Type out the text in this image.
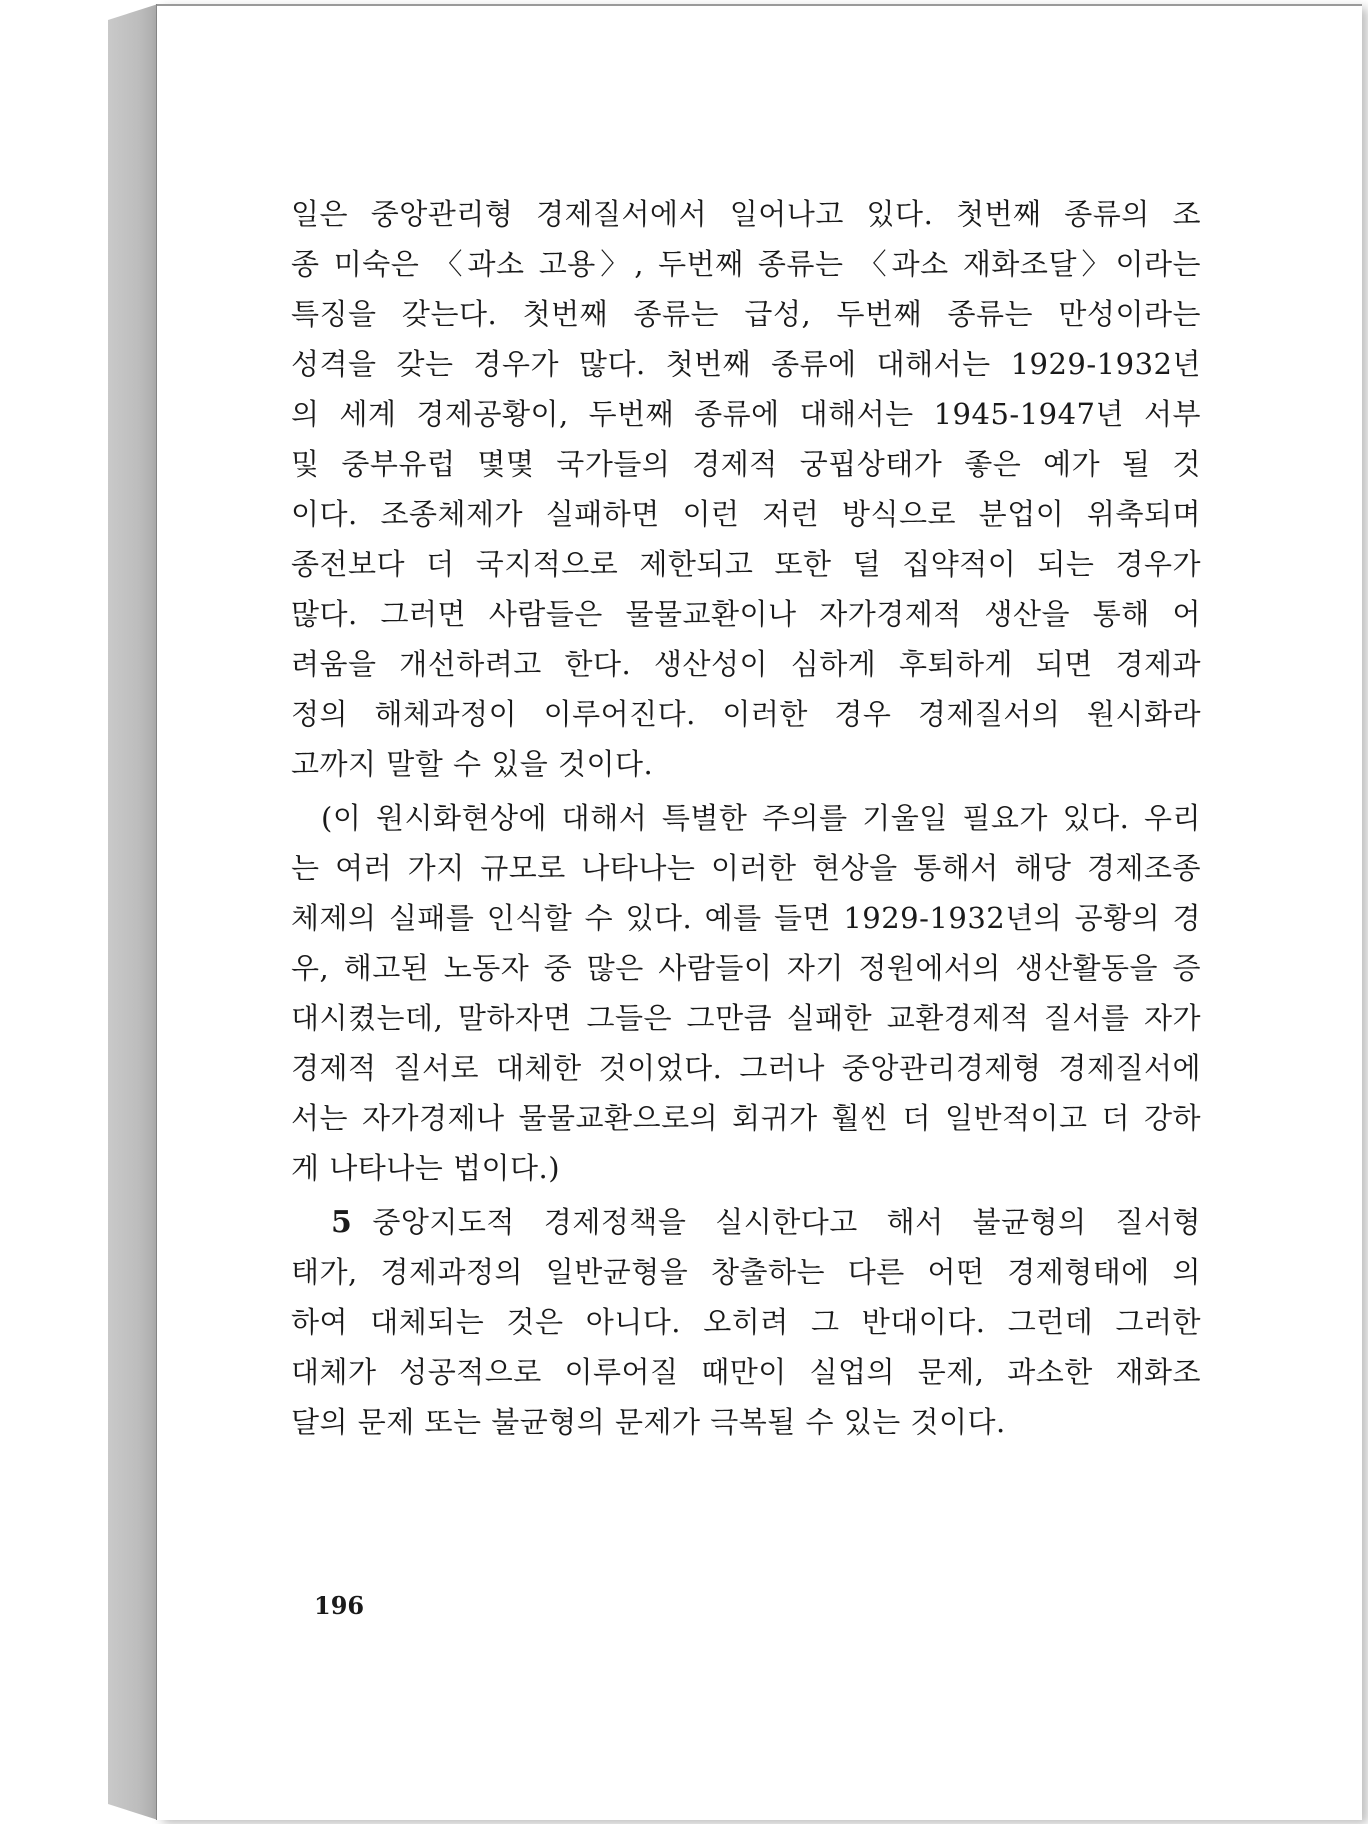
일은 중앙관리형 경제질서에서 일어나고 있다. 첫번째 종류의 조
종 미숙은 〈과소 고용〉, 두번째 종류는 〈과소 재화조달〉이라는
특징을 갖는다. 첫번째 종류는 급성, 두번째 종류는 만성이라는
성격을 갖는 경우가 많다. 첫번째 종류에 대해서는 1929-1932년
의 세계 경제공황이, 두번째 종류에 대해서는 1945-1947년 서부
및 중부유럽 몇몇 국가들의 경제적 궁핍상태가 좋은 예가 될 것
이다. 조종체제가 실패하면 이런 저런 방식으로 분업이 위축되며
종전보다 더 국지적으로 제한되고 또한 덜 집약적이 되는 경우가
많다. 그러면 사람들은 물물교환이나 자가경제적 생산을 통해 어
려움을 개선하려고 한다. 생산성이 심하게 후퇴하게 되면 경제과
정의 해체과정이 이루어진다. 이러한 경우 경제질서의 원시화라
고까지 말할 수 있을 것이다.
(이 원시화현상에 대해서 특별한 주의를 기울일 필요가 있다. 우리
는 여러 가지 규모로 나타나는 이러한 현상을 통해서 해당 경제조종
체제의 실패를 인식할 수 있다. 예를 들면 1929-1932년의 공황의 경
우, 해고된 노동자 중 많은 사람들이 자기 정원에서의 생산활동을 증
대시켰는데, 말하자면 그들은 그만큼 실패한 교환경제적 질서를 자가
경제적 질서로 대체한 것이었다. 그러나 중앙관리경제형 경제질서에
서는 자가경제나 물물교환으로의 회귀가 훨씬 더 일반적이고 더 강하
게 나타나는 법이다.)
5 중앙지도적 경제정책을 실시한다고 해서 불균형의 질서형
태가, 경제과정의 일반균형을 창출하는 다른 어떤 경제형태에 의
하여 대체되는 것은 아니다. 오히려 그 반대이다. 그런데 그러한
대체가 성공적으로 이루어질 때만이 실업의 문제, 과소한 재화조
달의 문제 또는 불균형의 문제가 극복될 수 있는 것이다.
196
